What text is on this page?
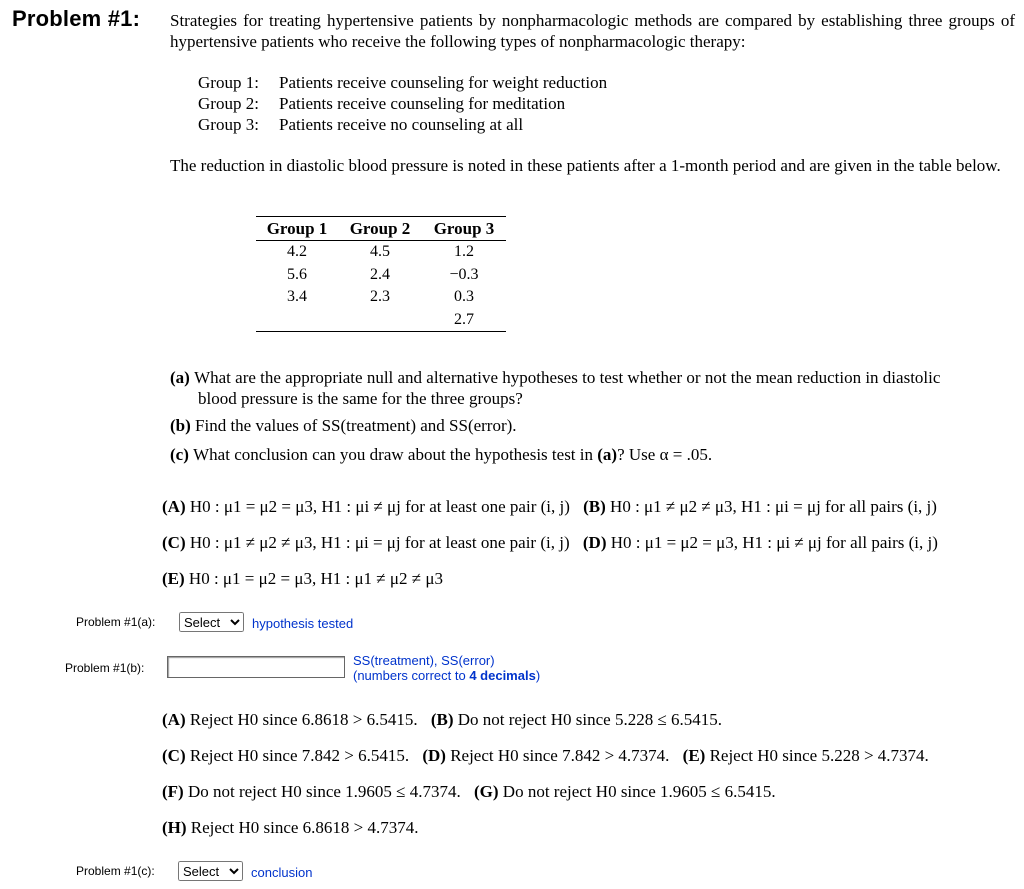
Problem #1: Strategies for treating hypertensive patients by nonpharmacologic methods are compared by establishing three groups of hypertensive patients who receive the following types of nonpharmacologic therapy:
Group 1: Patients receive counseling for weight reduction
Group 2: Patients receive counseling for meditation
Group 3: Patients receive no counseling at all
The reduction in diastolic blood pressure is noted in these patients after a 1-month period and are given in the table below.
Group 1	Group 2	Group 3
4.2	4.5	1.2
5.6	2.4	−0.3
3.4	2.3	0.3
		2.7
(a) What are the appropriate null and alternative hypotheses to test whether or not the mean reduction in diastolic
blood pressure is the same for the three groups?
(b) Find the values of SS(treatment) and SS(error).
(c) What conclusion can you draw about the hypothesis test in (a)? Use α = .05.
(A) H0 : μ1 = μ2 = μ3, H1 : μi ≠ μj for at least one pair (i, j) (B) H0 : μ1 ≠ μ2 ≠ μ3, H1 : μi = μj for all pairs (i, j)
(C) H0 : μ1 ≠ μ2 ≠ μ3, H1 : μi = μj for at least one pair (i, j) (D) H0 : μ1 = μ2 = μ3, H1 : μi ≠ μj for all pairs (i, j)
(E) H0 : μ1 = μ2 = μ3, H1 : μ1 ≠ μ2 ≠ μ3
Problem #1(a):
Select	hypothesis tested
Problem #1(b):	SS(treatment), SS(error)
(numbers correct to 4 decimals)
(A) Reject H0 since 6.8618 > 6.5415. (B) Do not reject H0 since 5.228 ≤ 6.5415.
(C) Reject H0 since 7.842 > 6.5415. (D) Reject H0 since 7.842 > 4.7374. (E) Reject H0 since 5.228 > 4.7374.
(F) Do not reject H0 since 1.9605 ≤ 4.7374. (G) Do not reject H0 since 1.9605 ≤ 6.5415.
(H) Reject H0 since 6.8618 > 4.7374.
Problem #1(c):
Select	conclusion
